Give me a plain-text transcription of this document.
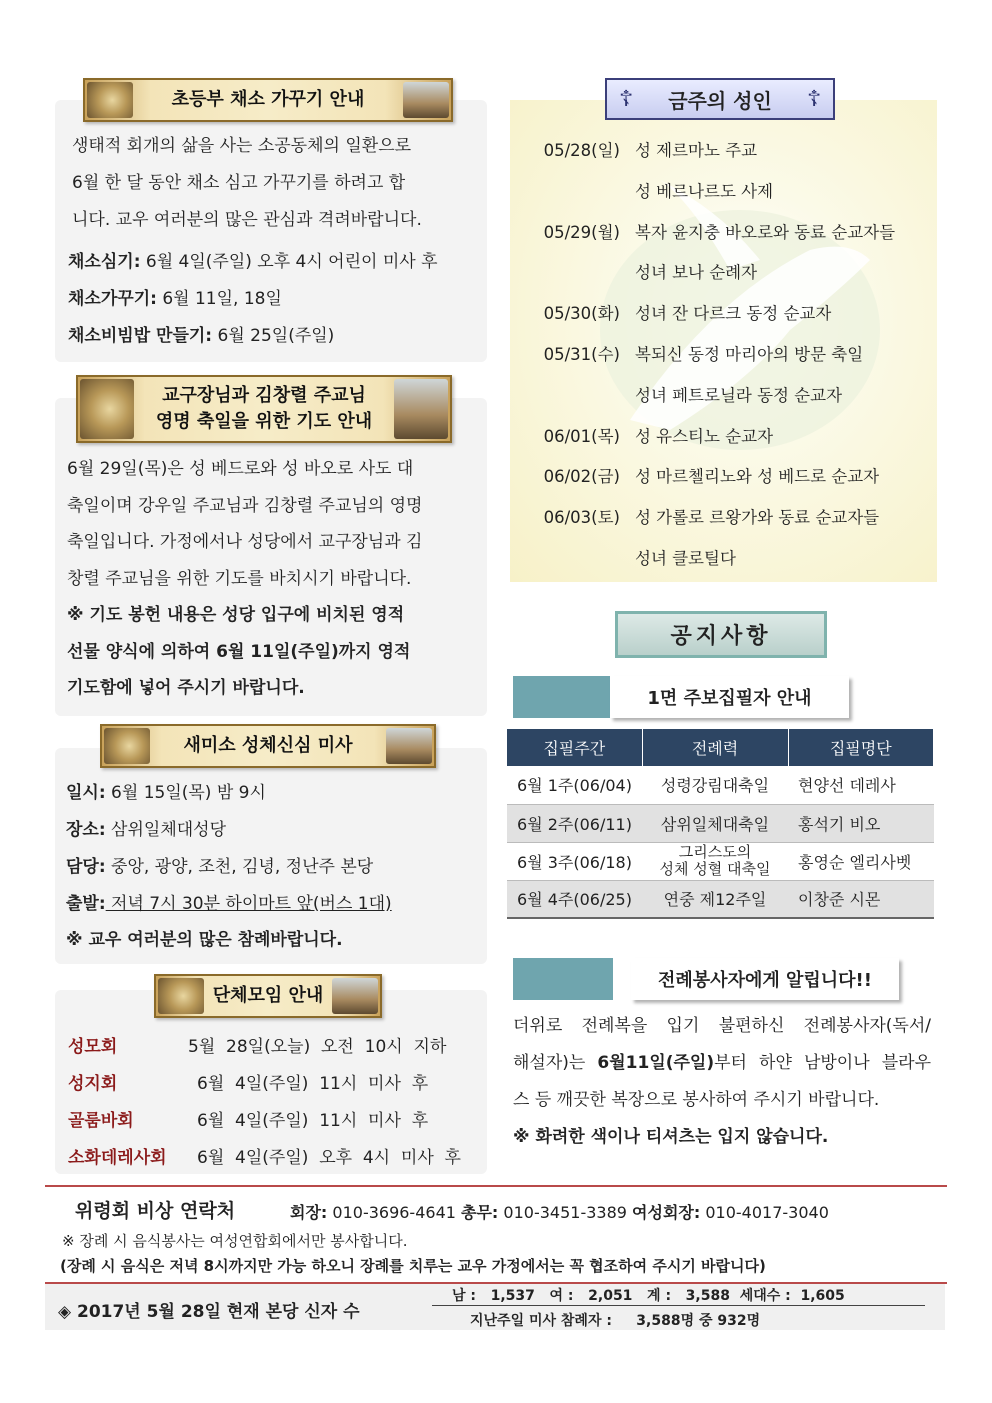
초등부 채소 가꾸기 안내
생태적 회개의 삶을 사는 소공동체의 일환으로
6월 한 달 동안 채소 심고 가꾸기를 하려고 합
니다. 교우 여러분의 많은 관심과 격려바랍니다.
채소심기: 6월 4일(주일) 오후 4시 어린이 미사 후
채소가꾸기: 6월 11일, 18일
채소비빔밥 만들기: 6월 25일(주일)
교구장님과 김창렬 주교님
영명 축일을 위한 기도 안내
6월 29일(목)은 성 베드로와 성 바오로 사도 대
축일이며 강우일 주교님과 김창렬 주교님의 영명
축일입니다. 가정에서나 성당에서 교구장님과 김
창렬 주교님을 위한 기도를 바치시기 바랍니다.
※ 기도 봉헌 내용은 성당 입구에 비치된 영적
선물 양식에 의하여 6월 11일(주일)까지 영적
기도함에 넣어 주시기 바랍니다.
새미소 성체신심 미사
일시: 6월 15일(목) 밤 9시
장소: 삼위일체대성당
담당: 중앙, 광양, 조천, 김녕, 정난주 본당
출발: 저녁 7시 30분 하이마트 앞(버스 1대)
※ 교우 여러분의 많은 참례바랍니다.
단체모임 안내
성모회	5월  28일(오늘)  오전  10시  지하
성지회	6월  4일(주일)  11시  미사  후
골룸바회	6월  4일(주일)  11시  미사  후
소화데레사회 6월  4일(주일)  오후  4시  미사  후
☦ 금주의 성인 ☦
05/28(일) 성 제르마노 주교
성 베르나르도 사제
05/29(월) 복자 윤지충 바오로와 동료 순교자들
성녀 보나 순례자
05/30(화) 성녀 잔 다르크 동정 순교자
05/31(수) 복되신 동정 마리아의 방문 축일
성녀 페트로닐라 동정 순교자
06/01(목) 성 유스티노 순교자
06/02(금) 성 마르첼리노와 성 베드로 순교자
06/03(토) 성 가롤로 르왕가와 동료 순교자들
성녀 클로틸다
공지사항
1면 주보집필자 안내
집필주간	전례력	집필명단
6월 1주(06/04)	성령강림대축일	현양선 데레사
6월 2주(06/11)	삼위일체대축일	홍석기 비오
6월 3주(06/18)	그리스도의
성체 성혈 대축일	홍영순 엘리사벳
6월 4주(06/25)	연중 제12주일	이창준 시몬
전례봉사자에게 알립니다!!
더위로 전례복을 입기 불편하신 전례봉사자(독서/
해설자)는 6월11일(주일)부터 하얀 남방이나 블라우
스 등 깨끗한 복장으로 봉사하여 주시기 바랍니다.
※ 화려한 색이나 티셔츠는 입지 않습니다.
위령회 비상 연락처	회장: 010-3696-4641 총무: 010-3451-3389 여성회장: 010-4017-3040
※ 장례 시 음식봉사는 여성연합회에서만 봉사합니다.
(장례 시 음식은 저녁 8시까지만 가능 하오니 장례를 치루는 교우 가정에서는 꼭 협조하여 주시기 바랍니다)
◈ 2017년 5월 28일 현재 본당 신자 수
남 :   1,537   여 :   2,051   계 :   3,588  세대수 :  1,605
지난주일 미사 참례자 :     3,588명 중 932명
